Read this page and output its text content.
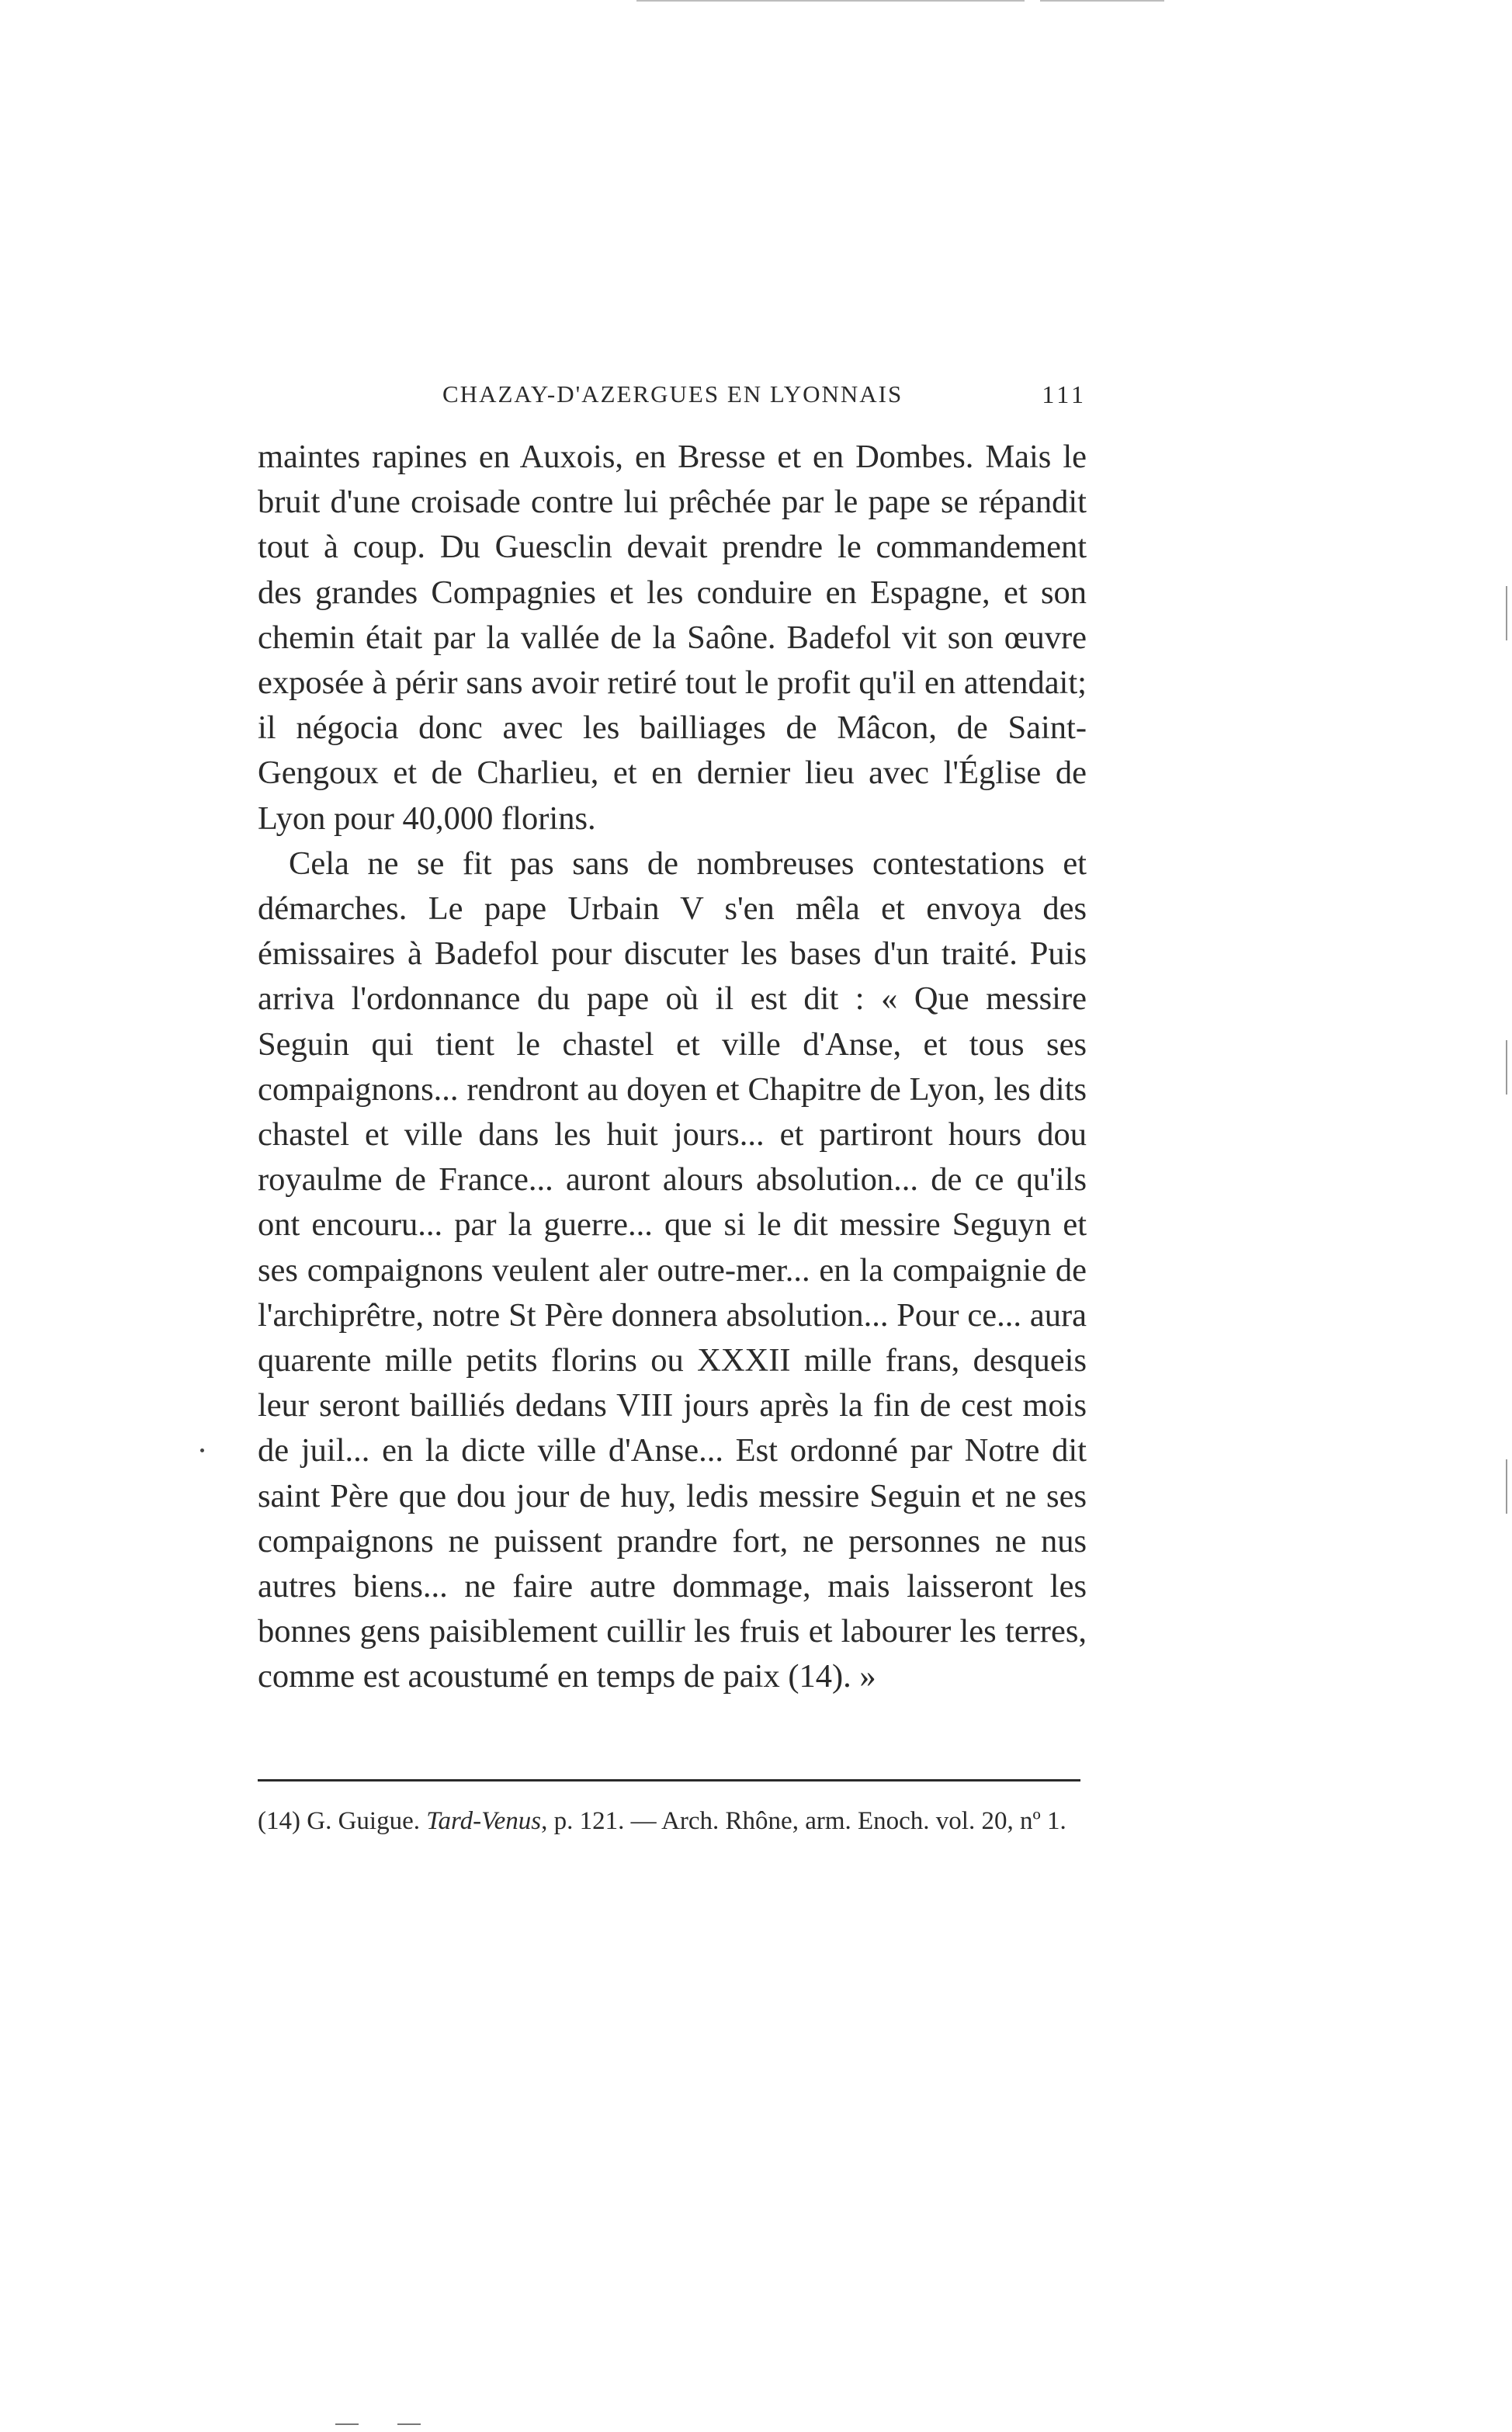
CHAZAY-D'AZERGUES EN LYONNAIS	111

maintes rapines en Auxois, en Bresse et en Dombes. Mais le bruit d'une croisade contre lui prêchée par le pape se répandit tout à coup. Du Guesclin devait prendre le commandement des grandes Compagnies et les conduire en Espagne, et son chemin était par la vallée de la Saône. Badefol vit son œuvre exposée à périr sans avoir retiré tout le profit qu'il en attendait; il négocia donc avec les bailliages de Mâcon, de Saint-Gengoux et de Charlieu, et en dernier lieu avec l'Église de Lyon pour 40,000 florins.

Cela ne se fit pas sans de nombreuses contestations et démarches. Le pape Urbain V s'en mêla et envoya des émissaires à Badefol pour discuter les bases d'un traité. Puis arriva l'ordonnance du pape où il est dit : « Que messire Seguin qui tient le chastel et ville d'Anse, et tous ses compaignons... rendront au doyen et Chapitre de Lyon, les dits chastel et ville dans les huit jours... et partiront hours dou royaulme de France... auront alours absolution... de ce qu'ils ont encouru... par la guerre... que si le dit messire Seguyn et ses compaignons veulent aler outre-mer... en la compaignie de l'archiprêtre, notre St Père donnera absolution... Pour ce... aura quarente mille petits florins ou XXXII mille frans, desqueis leur seront bailliés dedans VIII jours après la fin de cest mois de juil... en la dicte ville d'Anse... Est ordonné par Notre dit saint Père que dou jour de huy, ledis messire Seguin et ne ses compaignons ne puissent prandre fort, ne personnes ne nus autres biens... ne faire autre dommage, mais laisseront les bonnes gens paisiblement cuillir les fruis et labourer les terres, comme est acoustumé en temps de paix (14). »

(14) G. Guigue. Tard-Venus, p. 121. — Arch. Rhône, arm. Enoch. vol. 20, nº 1.
